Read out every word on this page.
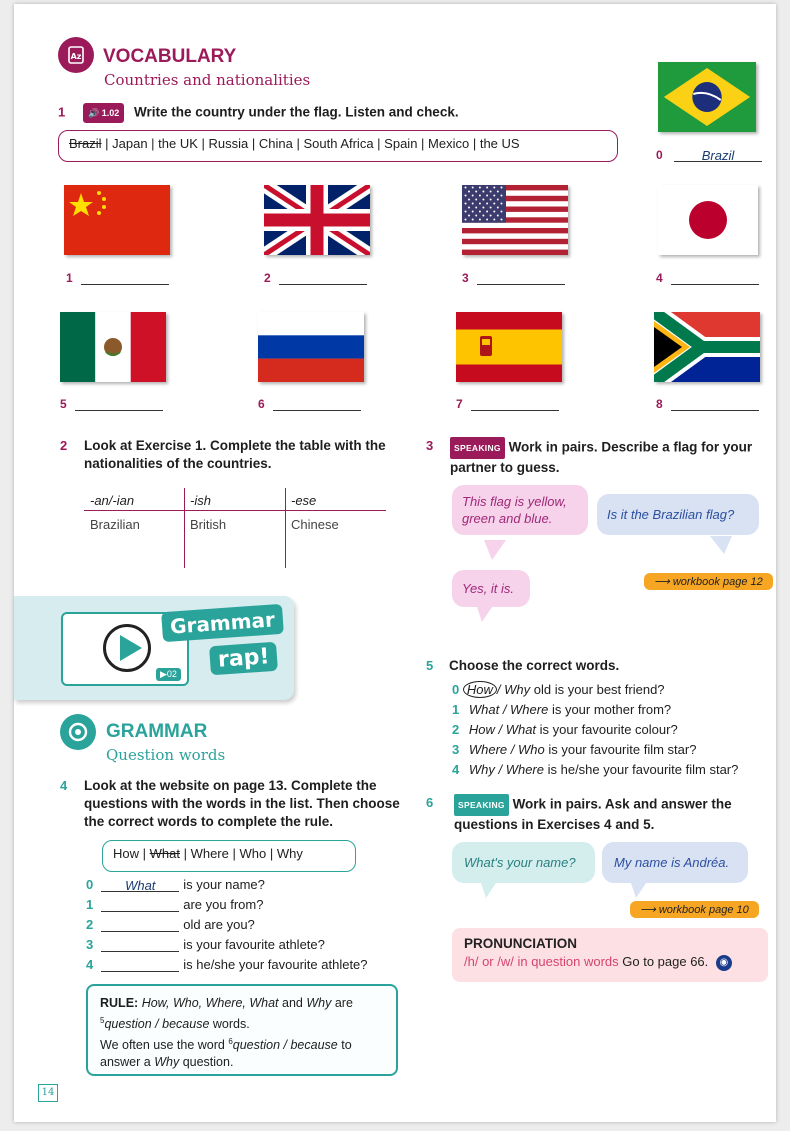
Az VOCABULARY
Countries and nationalities
1	🔊 1.02 Write the country under the flag. Listen and check.
Brazil | Japan | the UK | Russia | China | South Africa | Spain | Mexico | the US
0	Brazil
1	2	3	4
5	6	7	8
2 Look at Exercise 1. Complete the table with the nationalities of the countries.
-an/-ian	-ish	-ese
Brazilian	British	Chinese
3	SPEAKING Work in pairs. Describe a flag for your partner to guess.
This flag is yellow, green and blue.	Is it the Brazilian flag?
Yes, it is.	⟶ workbook page 12
▶02
Grammar
rap!
GRAMMAR
Question words
4 Look at the website on page 13. Complete the questions with the words in the list. Then choose the correct words to complete the rule.
How | What | Where | Who | Why
0 What is your name?
1	are you from?
2	old are you?
3	is your favourite athlete?
4	is he/she your favourite athlete?
RULE: How, Who, Where, What and Why are
$^5$question / because words.
We often use the word $^6$question / because to
answer a Why question.
5 Choose the correct words.
0 How / Why old is your best friend?
1 What / Where is your mother from?
2 How / What is your favourite colour?
3 Where / Who is your favourite film star?
4 Why / Where is he/she your favourite film star?
6	SPEAKING Work in pairs. Ask and answer the questions in Exercises 4 and 5.
What's your name?	My name is Andréa.
⟶ workbook page 10
PRONUNCIATION
/h/ or /w/ in question words Go to page 66. ◉
14
